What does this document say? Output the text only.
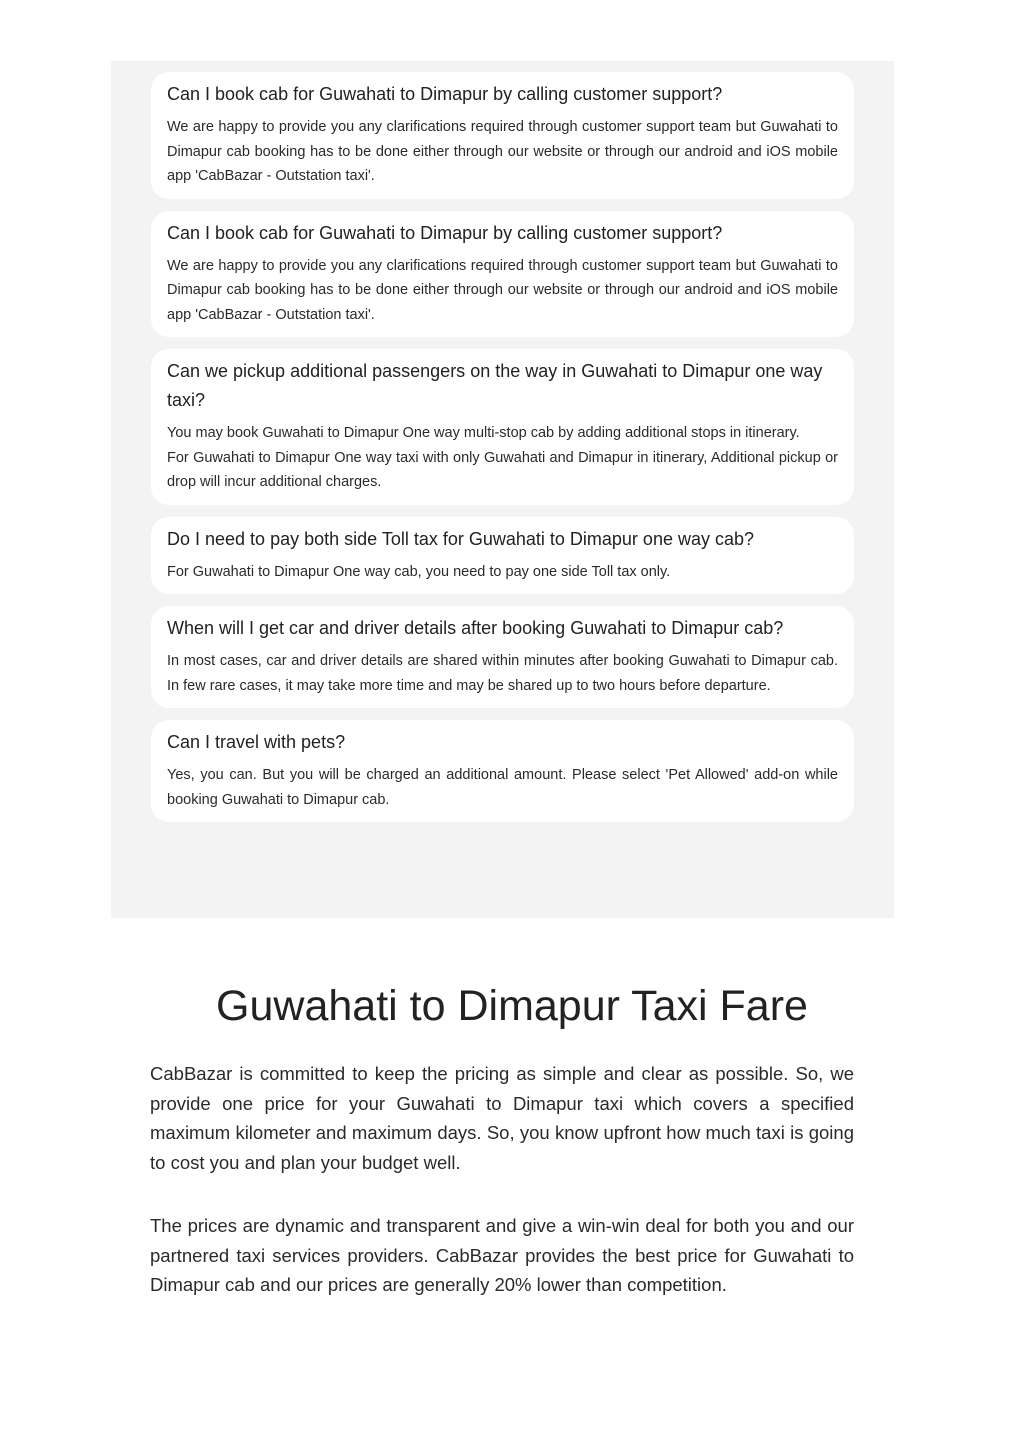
Can I book cab for Guwahati to Dimapur by calling customer support?

We are happy to provide you any clarifications required through customer support team but Guwahati to Dimapur cab booking has to be done either through our website or through our android and iOS mobile app 'CabBazar - Outstation taxi'.

Can I book cab for Guwahati to Dimapur by calling customer support?

We are happy to provide you any clarifications required through customer support team but Guwahati to Dimapur cab booking has to be done either through our website or through our android and iOS mobile app 'CabBazar - Outstation taxi'.

Can we pickup additional passengers on the way in Guwahati to Dimapur one way taxi?

You may book Guwahati to Dimapur One way multi-stop cab by adding additional stops in itinerary.
For Guwahati to Dimapur One way taxi with only Guwahati and Dimapur in itinerary, Additional pickup or drop will incur additional charges.

Do I need to pay both side Toll tax for Guwahati to Dimapur one way cab?

For Guwahati to Dimapur One way cab, you need to pay one side Toll tax only.

When will I get car and driver details after booking Guwahati to Dimapur cab?

In most cases, car and driver details are shared within minutes after booking Guwahati to Dimapur cab. In few rare cases, it may take more time and may be shared up to two hours before departure.

Can I travel with pets?

Yes, you can. But you will be charged an additional amount. Please select 'Pet Allowed' add-on while booking Guwahati to Dimapur cab.

Guwahati to Dimapur Taxi Fare

CabBazar is committed to keep the pricing as simple and clear as possible. So, we provide one price for your Guwahati to Dimapur taxi which covers a specified maximum kilometer and maximum days. So, you know upfront how much taxi is going to cost you and plan your budget well.

The prices are dynamic and transparent and give a win-win deal for both you and our partnered taxi services providers. CabBazar provides the best price for Guwahati to Dimapur cab and our prices are generally 20% lower than competition.
